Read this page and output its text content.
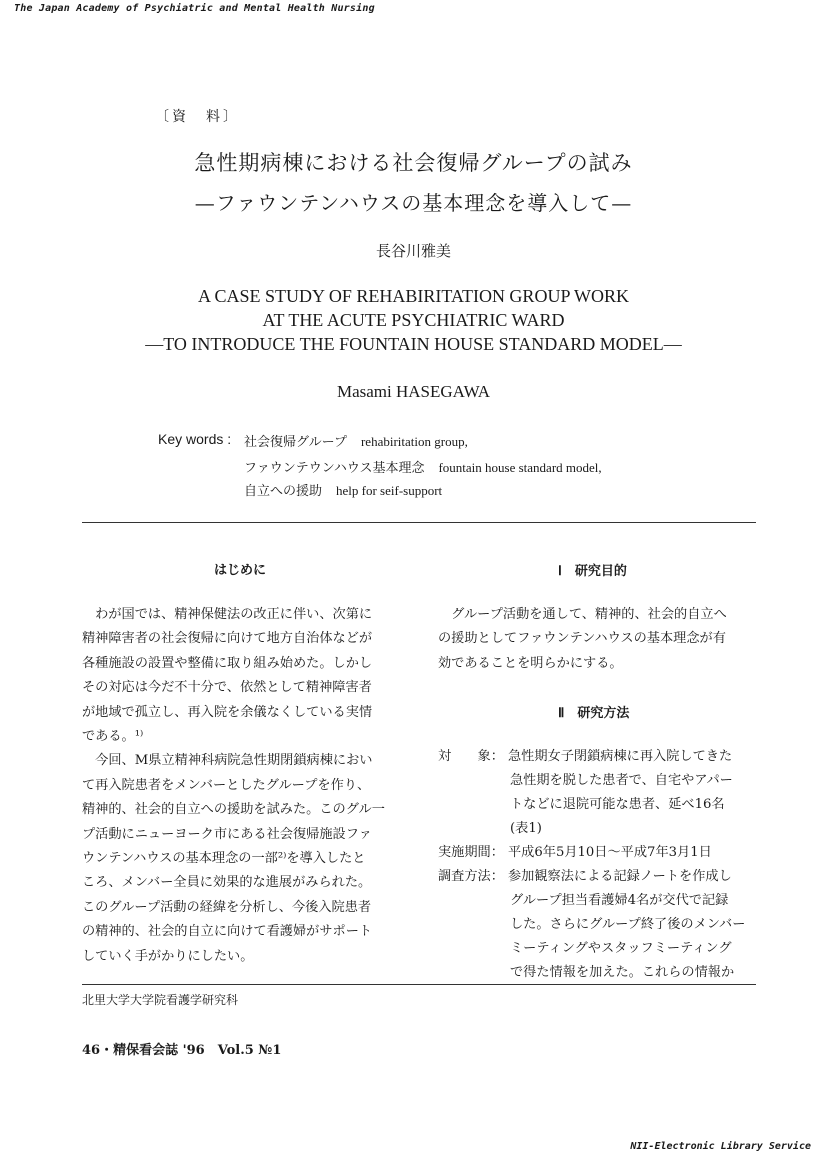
The Japan Academy of Psychiatric and Mental Health Nursing
〔資　料〕
急性期病棟における社会復帰グループの試み
—ファウンテンハウスの基本理念を導入して—
長谷川雅美
A CASE STUDY OF REHABIRITATION GROUP WORK
AT THE ACUTE PSYCHIATRIC WARD
—TO INTRODUCE THE FOUNTAIN HOUSE STANDARD MODEL—
Masami HASEGAWA
Key words : 社会復帰グループ rehabiritation group,
ファウンテウンハウス基本理念 fountain house standard model,
自立への援助 help for seif-support
はじめに
　わが国では、精神保健法の改正に伴い、次第に
精神障害者の社会復帰に向けて地方自治体などが
各種施設の設置や整備に取り組み始めた。しかし
その対応は今だ不十分で、依然として精神障害者
が地域で孤立し、再入院を余儀なくしている実情
である。¹⁾
　今回、M県立精神科病院急性期閉鎖病棟におい
て再入院患者をメンバーとしたグループを作り、
精神的、社会的自立への援助を試みた。このグル一
プ活動にニューヨーク市にある社会復帰施設ファ
ウンテンハウスの基本理念の一部²⁾を導入したと
ころ、メンバー全員に効果的な進展がみられた。
このグループ活動の経緯を分析し、今後入院患者
の精神的、社会的自立に向けて看護婦がサポート
していく手がかりにしたい。
Ⅰ　研究目的
　グループ活動を通して、精神的、社会的自立へ
の援助としてファウンテンハウスの基本理念が有
効であることを明らかにする。
Ⅱ　研究方法
対　　象： 急性期女子閉鎖病棟に再入院してきた
急性期を脱した患者で、自宅やアパー
トなどに退院可能な患者、延べ16名
(表1)
実施期間： 平成6年5月10日〜平成7年3月1日
調査方法： 参加観察法による記録ノートを作成し
グループ担当看護婦4名が交代で記録
した。さらにグループ終了後のメンバー
ミーティングやスタッフミーティング
で得た情報を加えた。これらの情報か
北里大学大学院看護学研究科
46・精保看会誌 '96　Vol.5 №1
NII-Electronic Library Service
